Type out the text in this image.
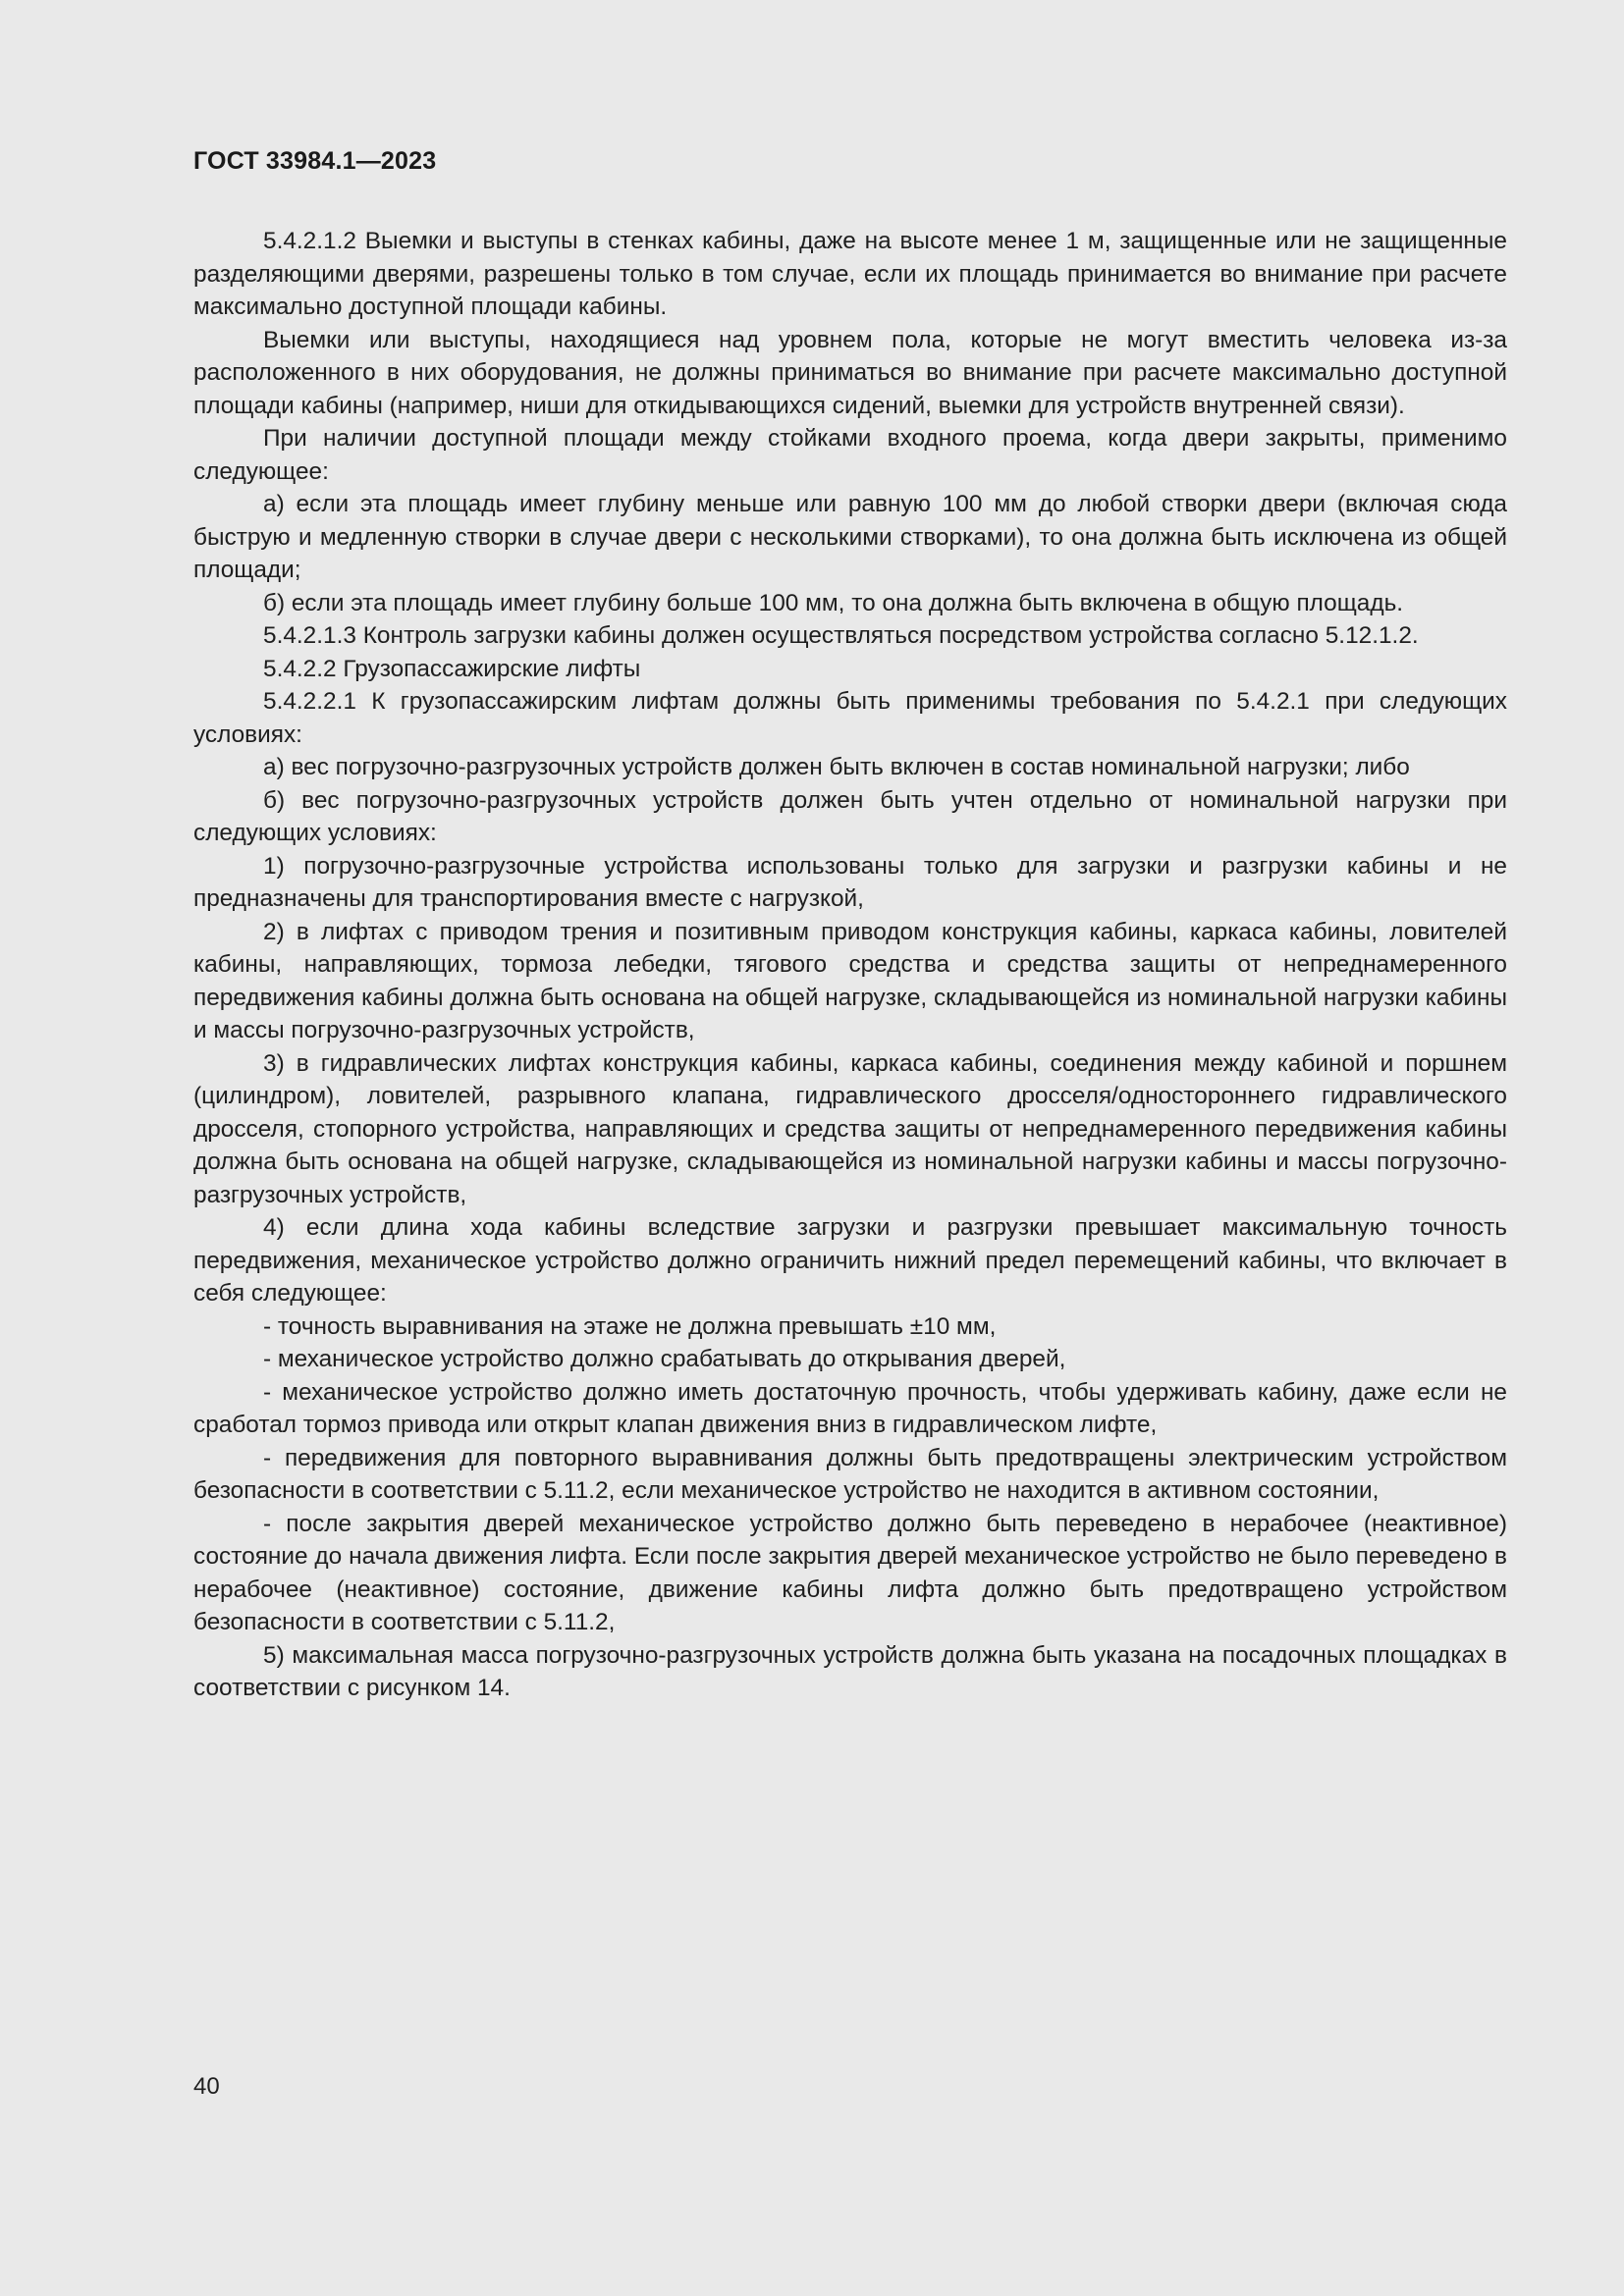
ГОСТ 33984.1—2023

5.4.2.1.2 Выемки и выступы в стенках кабины, даже на высоте менее 1 м, защищенные или не защищенные разделяющими дверями, разрешены только в том случае, если их площадь принимается во внимание при расчете максимально доступной площади кабины.

Выемки или выступы, находящиеся над уровнем пола, которые не могут вместить человека из-за расположенного в них оборудования, не должны приниматься во внимание при расчете максимально доступной площади кабины (например, ниши для откидывающихся сидений, выемки для устройств внутренней связи).

При наличии доступной площади между стойками входного проема, когда двери закрыты, применимо следующее:

а) если эта площадь имеет глубину меньше или равную 100 мм до любой створки двери (включая сюда быструю и медленную створки в случае двери с несколькими створками), то она должна быть исключена из общей площади;

б) если эта площадь имеет глубину больше 100 мм, то она должна быть включена в общую площадь.

5.4.2.1.3 Контроль загрузки кабины должен осуществляться посредством устройства согласно 5.12.1.2.

5.4.2.2 Грузопассажирские лифты

5.4.2.2.1 К грузопассажирским лифтам должны быть применимы требования по 5.4.2.1 при следующих условиях:

а) вес погрузочно-разгрузочных устройств должен быть включен в состав номинальной нагрузки; либо

б) вес погрузочно-разгрузочных устройств должен быть учтен отдельно от номинальной нагрузки при следующих условиях:

1) погрузочно-разгрузочные устройства использованы только для загрузки и разгрузки кабины и не предназначены для транспортирования вместе с нагрузкой,

2) в лифтах с приводом трения и позитивным приводом конструкция кабины, каркаса кабины, ловителей кабины, направляющих, тормоза лебедки, тягового средства и средства защиты от непреднамеренного передвижения кабины должна быть основана на общей нагрузке, складывающейся из номинальной нагрузки кабины и массы погрузочно-разгрузочных устройств,

3) в гидравлических лифтах конструкция кабины, каркаса кабины, соединения между кабиной и поршнем (цилиндром), ловителей, разрывного клапана, гидравлического дросселя/одностороннего гидравлического дросселя, стопорного устройства, направляющих и средства защиты от непреднамеренного передвижения кабины должна быть основана на общей нагрузке, складывающейся из номинальной нагрузки кабины и массы погрузочно-разгрузочных устройств,

4) если длина хода кабины вследствие загрузки и разгрузки превышает максимальную точность передвижения, механическое устройство должно ограничить нижний предел перемещений кабины, что включает в себя следующее:

- точность выравнивания на этаже не должна превышать ±10 мм,

- механическое устройство должно срабатывать до открывания дверей,

- механическое устройство должно иметь достаточную прочность, чтобы удерживать кабину, даже если не сработал тормоз привода или открыт клапан движения вниз в гидравлическом лифте,

- передвижения для повторного выравнивания должны быть предотвращены электрическим устройством безопасности в соответствии с 5.11.2, если механическое устройство не находится в активном состоянии,

- после закрытия дверей механическое устройство должно быть переведено в нерабочее (неактивное) состояние до начала движения лифта. Если после закрытия дверей механическое устройство не было переведено в нерабочее (неактивное) состояние, движение кабины лифта должно быть предотвращено устройством безопасности в соответствии с 5.11.2,

5) максимальная масса погрузочно-разгрузочных устройств должна быть указана на посадочных площадках в соответствии с рисунком 14.

40
